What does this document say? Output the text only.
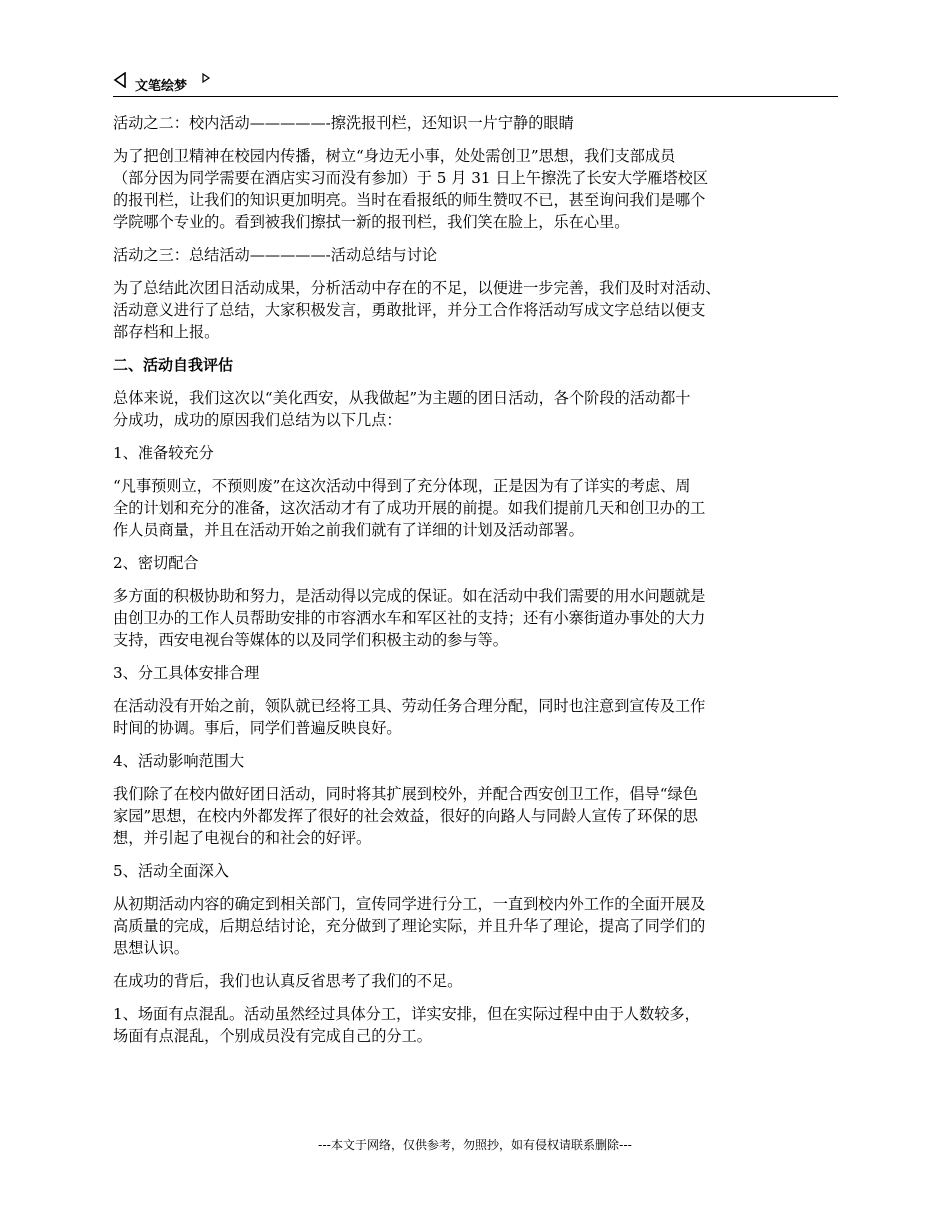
文笔绘梦

活动之二：校内活动—————-擦洗报刊栏，还知识一片宁静的眼睛

为了把创卫精神在校园内传播，树立“身边无小事，处处需创卫”思想，我们支部成员
（部分因为同学需要在酒店实习而没有参加）于 5 月 31 日上午擦洗了长安大学雁塔校区
的报刊栏，让我们的知识更加明亮。当时在看报纸的师生赞叹不已，甚至询问我们是哪个
学院哪个专业的。看到被我们擦拭一新的报刊栏，我们笑在脸上，乐在心里。

活动之三：总结活动—————-活动总结与讨论

为了总结此次团日活动成果，分析活动中存在的不足，以便进一步完善，我们及时对活动、
活动意义进行了总结，大家积极发言，勇敢批评，并分工合作将活动写成文字总结以便支
部存档和上报。

二、活动自我评估

总体来说，我们这次以“美化西安，从我做起”为主题的团日活动，各个阶段的活动都十
分成功，成功的原因我们总结为以下几点：

1、准备较充分

“凡事预则立，不预则废”在这次活动中得到了充分体现，正是因为有了详实的考虑、周
全的计划和充分的准备，这次活动才有了成功开展的前提。如我们提前几天和创卫办的工
作人员商量，并且在活动开始之前我们就有了详细的计划及活动部署。

2、密切配合

多方面的积极协助和努力，是活动得以完成的保证。如在活动中我们需要的用水问题就是
由创卫办的工作人员帮助安排的市容洒水车和军区社的支持；还有小寨街道办事处的大力
支持，西安电视台等媒体的以及同学们积极主动的参与等。

3、分工具体安排合理

在活动没有开始之前，领队就已经将工具、劳动任务合理分配，同时也注意到宣传及工作
时间的协调。事后，同学们普遍反映良好。

4、活动影响范围大

我们除了在校内做好团日活动，同时将其扩展到校外，并配合西安创卫工作，倡导“绿色
家园”思想，在校内外都发挥了很好的社会效益，很好的向路人与同龄人宣传了环保的思
想，并引起了电视台的和社会的好评。

5、活动全面深入

从初期活动内容的确定到相关部门，宣传同学进行分工，一直到校内外工作的全面开展及
高质量的完成，后期总结讨论，充分做到了理论实际，并且升华了理论，提高了同学们的
思想认识。

在成功的背后，我们也认真反省思考了我们的不足。

1、场面有点混乱。活动虽然经过具体分工，详实安排，但在实际过程中由于人数较多，
场面有点混乱，个别成员没有完成自己的分工。

---本文于网络，仅供参考，勿照抄，如有侵权请联系删除---
